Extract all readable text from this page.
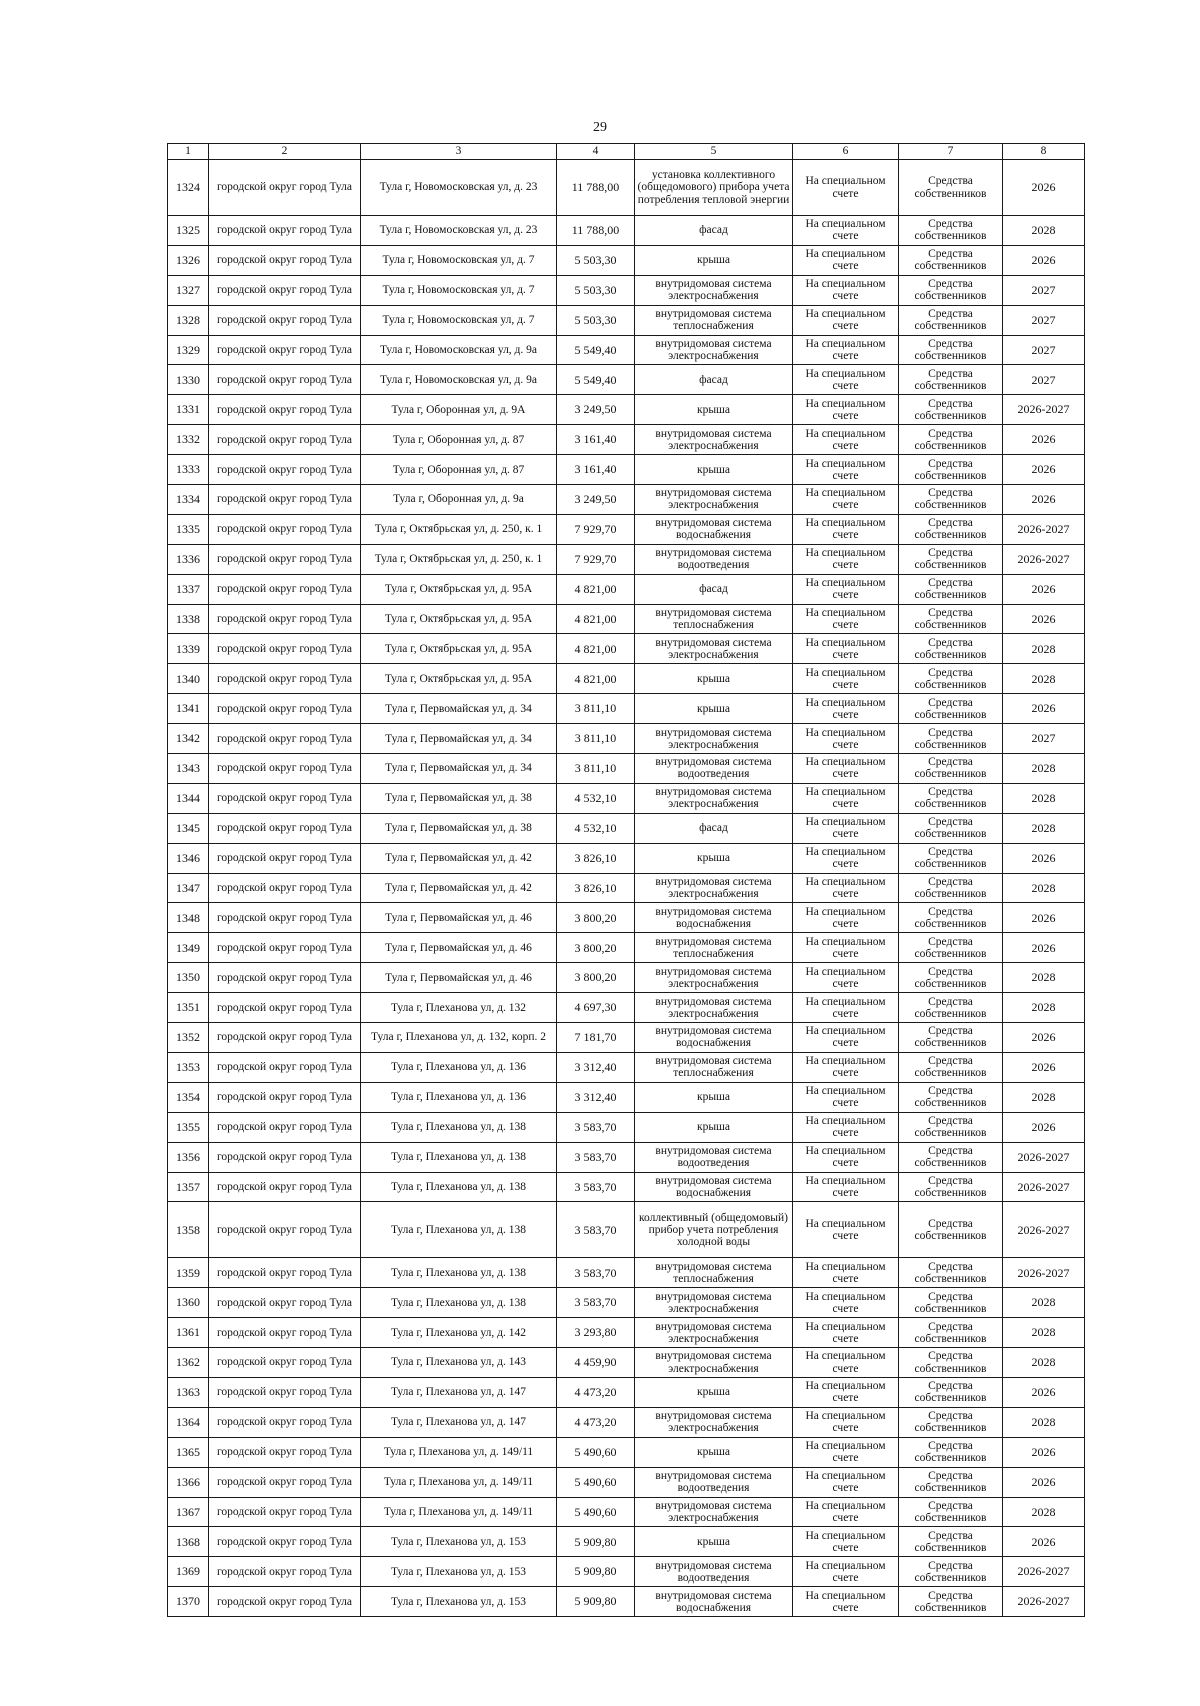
29
1	2	3	4	5	6	7	8
1324	городской округ город Тула	Тула г, Новомосковская ул, д. 23	11 788,00	установка коллективного (общедомового) прибора учета потребления тепловой энергии	На специальном счете	Средства собственников	2026
1325	городской округ город Тула	Тула г, Новомосковская ул, д. 23	11 788,00	фасад	На специальном счете	Средства собственников	2028
1326	городской округ город Тула	Тула г, Новомосковская ул, д. 7	5 503,30	крыша	На специальном счете	Средства собственников	2026
1327	городской округ город Тула	Тула г, Новомосковская ул, д. 7	5 503,30	внутридомовая система электроснабжения	На специальном счете	Средства собственников	2027
1328	городской округ город Тула	Тула г, Новомосковская ул, д. 7	5 503,30	внутридомовая система теплоснабжения	На специальном счете	Средства собственников	2027
1329	городской округ город Тула	Тула г, Новомосковская ул, д. 9а	5 549,40	внутридомовая система электроснабжения	На специальном счете	Средства собственников	2027
1330	городской округ город Тула	Тула г, Новомосковская ул, д. 9а	5 549,40	фасад	На специальном счете	Средства собственников	2027
1331	городской округ город Тула	Тула г, Оборонная ул, д. 9А	3 249,50	крыша	На специальном счете	Средства собственников	2026-2027
1332	городской округ город Тула	Тула г, Оборонная ул, д. 87	3 161,40	внутридомовая система электроснабжения	На специальном счете	Средства собственников	2026
1333	городской округ город Тула	Тула г, Оборонная ул, д. 87	3 161,40	крыша	На специальном счете	Средства собственников	2026
1334	городской округ город Тула	Тула г, Оборонная ул, д. 9а	3 249,50	внутридомовая система электроснабжения	На специальном счете	Средства собственников	2026
1335	городской округ город Тула	Тула г, Октябрьская ул, д. 250, к. 1	7 929,70	внутридомовая система водоснабжения	На специальном счете	Средства собственников	2026-2027
1336	городской округ город Тула	Тула г, Октябрьская ул, д. 250, к. 1	7 929,70	внутридомовая система водоотведения	На специальном счете	Средства собственников	2026-2027
1337	городской округ город Тула	Тула г, Октябрьская ул, д. 95А	4 821,00	фасад	На специальном счете	Средства собственников	2026
1338	городской округ город Тула	Тула г, Октябрьская ул, д. 95А	4 821,00	внутридомовая система теплоснабжения	На специальном счете	Средства собственников	2026
1339	городской округ город Тула	Тула г, Октябрьская ул, д. 95А	4 821,00	внутридомовая система электроснабжения	На специальном счете	Средства собственников	2028
1340	городской округ город Тула	Тула г, Октябрьская ул, д. 95А	4 821,00	крыша	На специальном счете	Средства собственников	2028
1341	городской округ город Тула	Тула г, Первомайская ул, д. 34	3 811,10	крыша	На специальном счете	Средства собственников	2026
1342	городской округ город Тула	Тула г, Первомайская ул, д. 34	3 811,10	внутридомовая система электроснабжения	На специальном счете	Средства собственников	2027
1343	городской округ город Тула	Тула г, Первомайская ул, д. 34	3 811,10	внутридомовая система водоотведения	На специальном счете	Средства собственников	2028
1344	городской округ город Тула	Тула г, Первомайская ул, д. 38	4 532,10	внутридомовая система электроснабжения	На специальном счете	Средства собственников	2028
1345	городской округ город Тула	Тула г, Первомайская ул, д. 38	4 532,10	фасад	На специальном счете	Средства собственников	2028
1346	городской округ город Тула	Тула г, Первомайская ул, д. 42	3 826,10	крыша	На специальном счете	Средства собственников	2026
1347	городской округ город Тула	Тула г, Первомайская ул, д. 42	3 826,10	внутридомовая система электроснабжения	На специальном счете	Средства собственников	2028
1348	городской округ город Тула	Тула г, Первомайская ул, д. 46	3 800,20	внутридомовая система водоснабжения	На специальном счете	Средства собственников	2026
1349	городской округ город Тула	Тула г, Первомайская ул, д. 46	3 800,20	внутридомовая система теплоснабжения	На специальном счете	Средства собственников	2026
1350	городской округ город Тула	Тула г, Первомайская ул, д. 46	3 800,20	внутридомовая система электроснабжения	На специальном счете	Средства собственников	2028
1351	городской округ город Тула	Тула г, Плеханова ул, д. 132	4 697,30	внутридомовая система электроснабжения	На специальном счете	Средства собственников	2028
1352	городской округ город Тула	Тула г, Плеханова ул, д. 132, корп. 2	7 181,70	внутридомовая система водоснабжения	На специальном счете	Средства собственников	2026
1353	городской округ город Тула	Тула г, Плеханова ул, д. 136	3 312,40	внутридомовая система теплоснабжения	На специальном счете	Средства собственников	2026
1354	городской округ город Тула	Тула г, Плеханова ул, д. 136	3 312,40	крыша	На специальном счете	Средства собственников	2028
1355	городской округ город Тула	Тула г, Плеханова ул, д. 138	3 583,70	крыша	На специальном счете	Средства собственников	2026
1356	городской округ город Тула	Тула г, Плеханова ул, д. 138	3 583,70	внутридомовая система водоотведения	На специальном счете	Средства собственников	2026-2027
1357	городской округ город Тула	Тула г, Плеханова ул, д. 138	3 583,70	внутридомовая система водоснабжения	На специальном счете	Средства собственников	2026-2027
1358	городской округ город Тула	Тула г, Плеханова ул, д. 138	3 583,70	коллективный (общедомовый) прибор учета потребления холодной воды	На специальном счете	Средства собственников	2026-2027
1359	городской округ город Тула	Тула г, Плеханова ул, д. 138	3 583,70	внутридомовая система теплоснабжения	На специальном счете	Средства собственников	2026-2027
1360	городской округ город Тула	Тула г, Плеханова ул, д. 138	3 583,70	внутридомовая система электроснабжения	На специальном счете	Средства собственников	2028
1361	городской округ город Тула	Тула г, Плеханова ул, д. 142	3 293,80	внутридомовая система электроснабжения	На специальном счете	Средства собственников	2028
1362	городской округ город Тула	Тула г, Плеханова ул, д. 143	4 459,90	внутридомовая система электроснабжения	На специальном счете	Средства собственников	2028
1363	городской округ город Тула	Тула г, Плеханова ул, д. 147	4 473,20	крыша	На специальном счете	Средства собственников	2026
1364	городской округ город Тула	Тула г, Плеханова ул, д. 147	4 473,20	внутридомовая система электроснабжения	На специальном счете	Средства собственников	2028
1365	городской округ город Тула	Тула г, Плеханова ул, д. 149/11	5 490,60	крыша	На специальном счете	Средства собственников	2026
1366	городской округ город Тула	Тула г, Плеханова ул, д. 149/11	5 490,60	внутридомовая система водоотведения	На специальном счете	Средства собственников	2026
1367	городской округ город Тула	Тула г, Плеханова ул, д. 149/11	5 490,60	внутридомовая система электроснабжения	На специальном счете	Средства собственников	2028
1368	городской округ город Тула	Тула г, Плеханова ул, д. 153	5 909,80	крыша	На специальном счете	Средства собственников	2026
1369	городской округ город Тула	Тула г, Плеханова ул, д. 153	5 909,80	внутридомовая система водоотведения	На специальном счете	Средства собственников	2026-2027
1370	городской округ город Тула	Тула г, Плеханова ул, д. 153	5 909,80	внутридомовая система водоснабжения	На специальном счете	Средства собственников	2026-2027
